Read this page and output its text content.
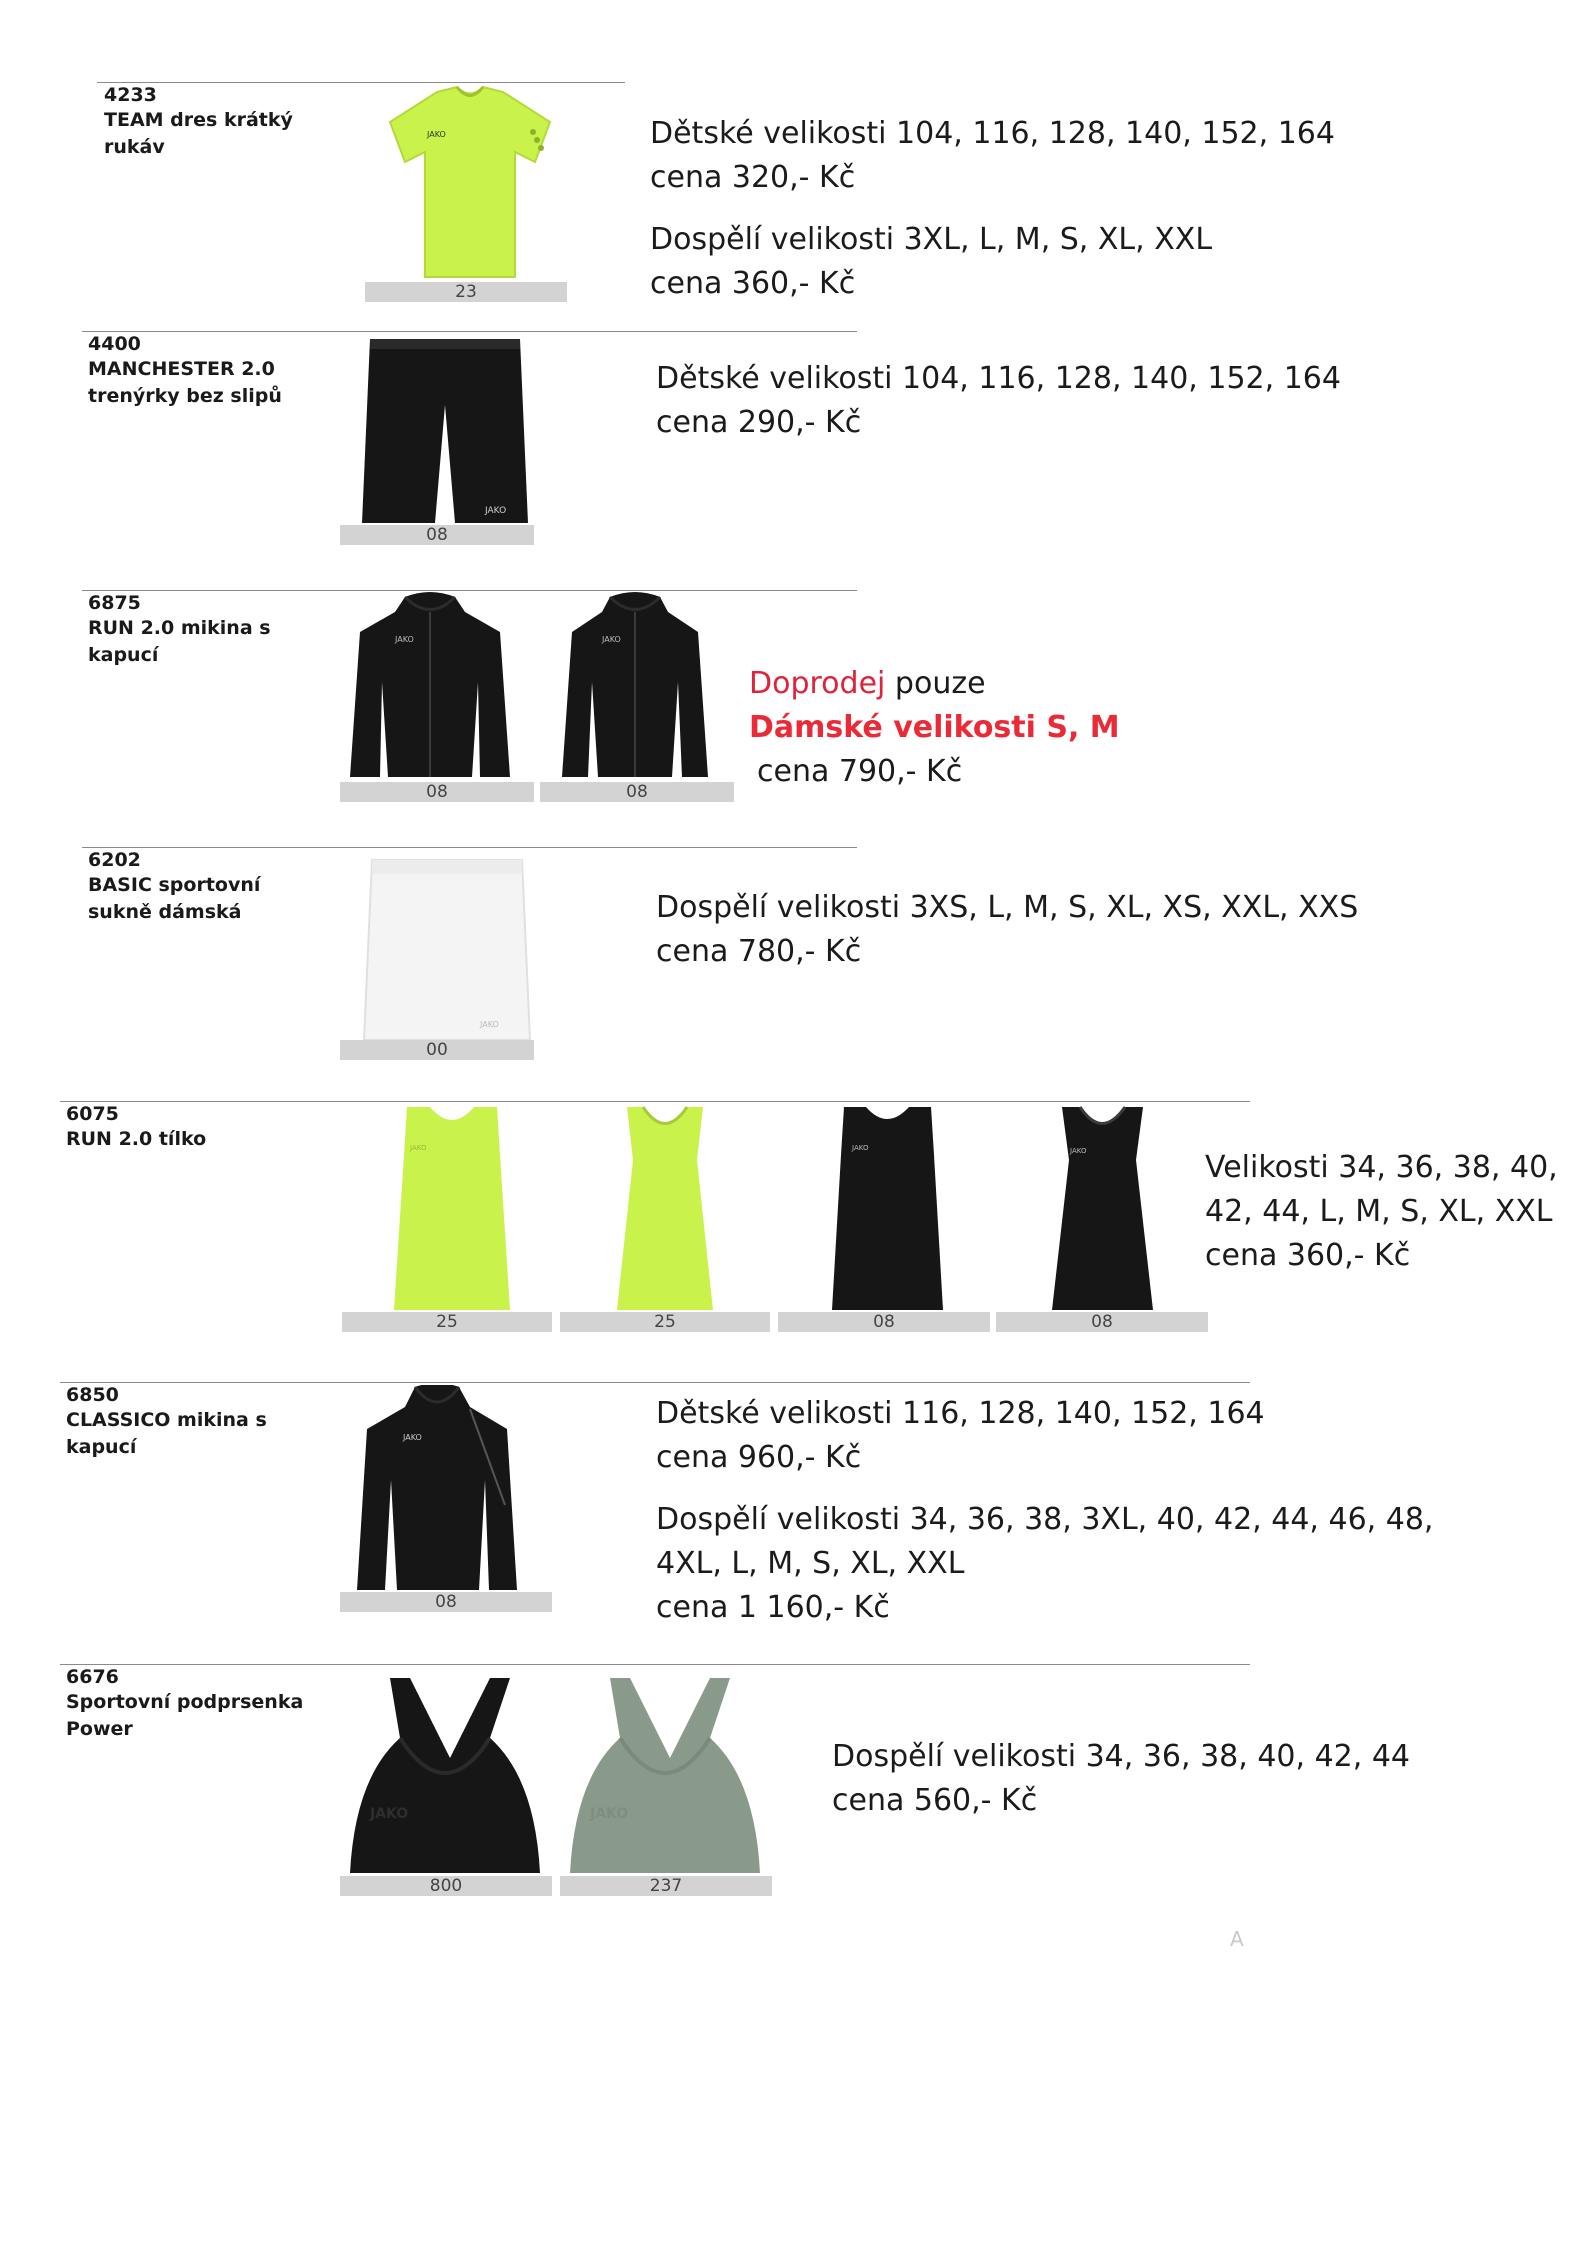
4233
TEAM dres krátký rukáv
JAKO
23
Dětské velikosti 104, 116, 128, 140, 152, 164
cena 320,- Kč
Dospělí velikosti 3XL, L, M, S, XL, XXL
cena 360,- Kč
4400
MANCHESTER 2.0 trenýrky bez slipů
JAKO
08
Dětské velikosti 104, 116, 128, 140, 152, 164
cena 290,- Kč
6875
RUN 2.0 mikina s kapucí
JAKO
08
JAKO
08
Doprodej pouze
Dámské velikosti S, M
cena 790,- Kč
6202
BASIC sportovní sukně dámská
JAKO
00
Dospělí velikosti 3XS, L, M, S, XL, XS, XXL, XXS
cena 780,- Kč
6075
RUN 2.0 tílko	JAKO
25	25
JAKO
08
JAKO
08
Velikosti 34, 36, 38, 40,
42, 44, L, M, S, XL, XXL
cena 360,- Kč
6850
CLASSICO mikina s kapucí	JAKO
08
Dětské velikosti 116, 128, 140, 152, 164
cena 960,- Kč
Dospělí velikosti 34, 36, 38, 3XL, 40, 42, 44, 46, 48,
4XL, L, M, S, XL, XXL
cena 1 160,- Kč
6676
Sportovní podprsenka Power
JAKO
800
JAKO
237
Dospělí velikosti 34, 36, 38, 40, 42, 44
cena 560,- Kč
A
